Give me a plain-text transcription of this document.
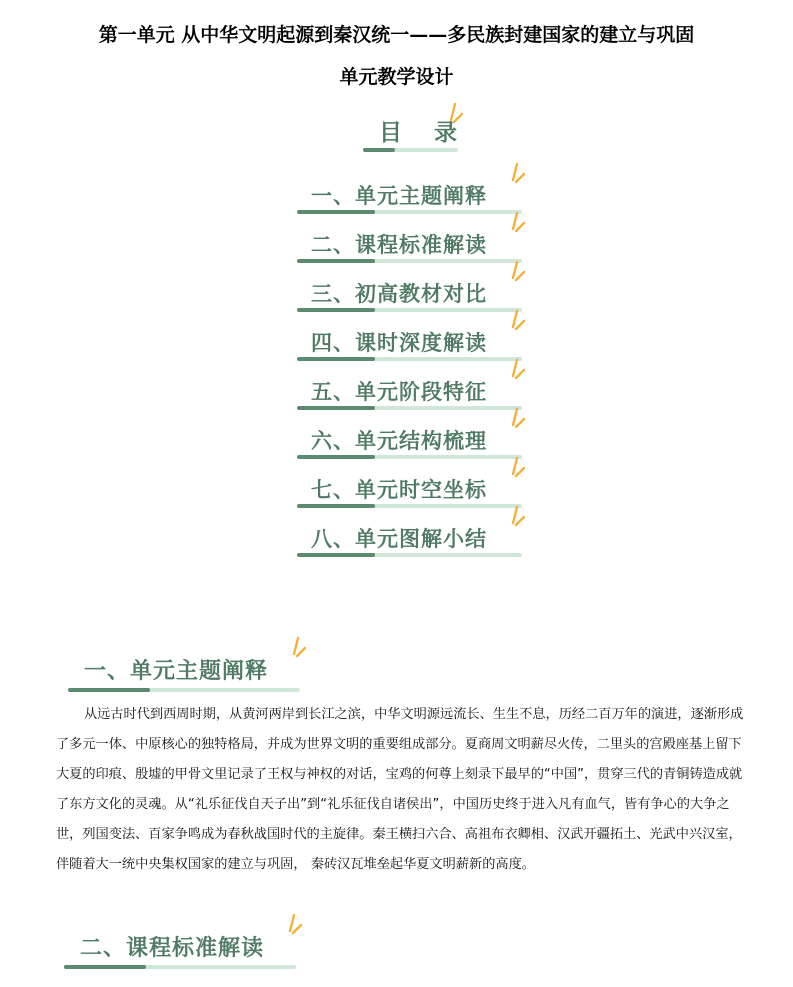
第一单元 从中华文明起源到秦汉统一——多民族封建国家的建立与巩固
单元教学设计
目 录
一、单元主题阐释
二、课程标准解读
三、初高教材对比
四、课时深度解读
五、单元阶段特征
六、单元结构梳理
七、单元时空坐标
八、单元图解小结
一、单元主题阐释
从远古时代到西周时期，从黄河两岸到长江之滨，中华文明源远流长、生生不息，历经二百万年的演进，逐渐形成了多元一体、中原核心的独特格局，并成为世界文明的重要组成部分。夏商周文明薪尽火传，二里头的宫殿座基上留下大夏的印痕、殷墟的甲骨文里记录了王权与神权的对话，宝鸡的何尊上刻录下最早的“中国”，贯穿三代的青铜铸造成就了东方文化的灵魂。从“礼乐征伐自天子出”到“礼乐征伐自诸侯出”，中国历史终于进入凡有血气，皆有争心的大争之世，列国变法、百家争鸣成为春秋战国时代的主旋律。秦王横扫六合、高祖布衣卿相、汉武开疆拓土、光武中兴汉室， 伴随着大一统中央集权国家的建立与巩固， 秦砖汉瓦堆垒起华夏文明薪新的高度。
二、课程标准解读
